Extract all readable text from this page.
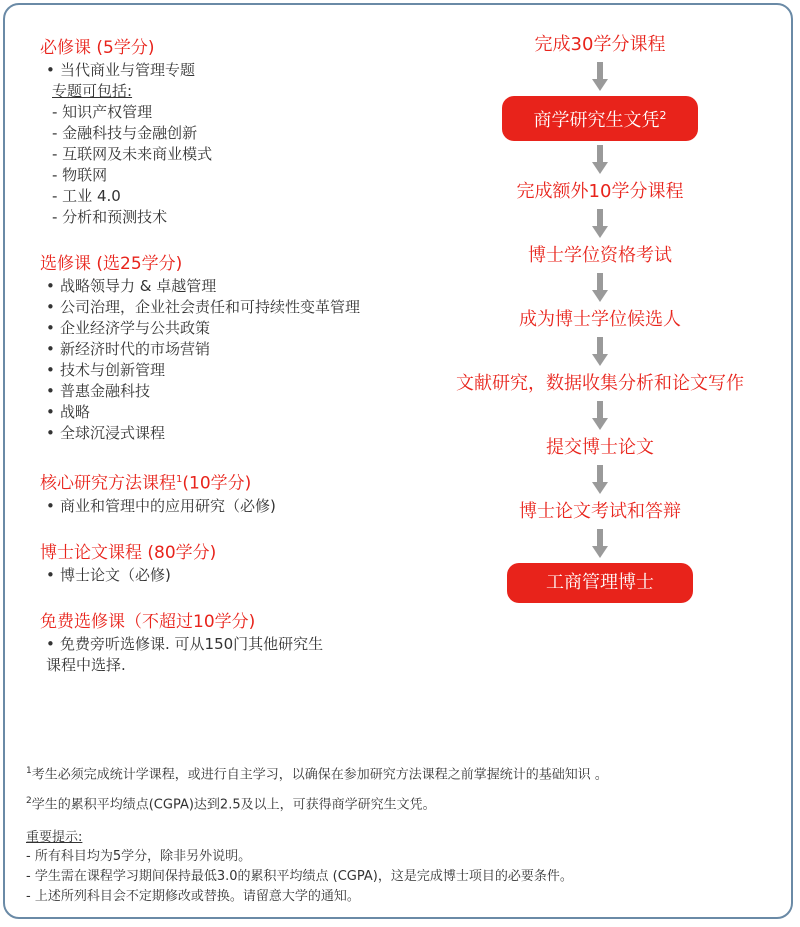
必修课 (5学分)
• 当代商业与管理专题
专题可包括:
- 知识产权管理
- 金融科技与金融创新
- 互联网及未来商业模式
- 物联网
- 工业 4.0
- 分析和预测技术
选修课 (选25学分)
• 战略领导力 & 卓越管理
• 公司治理，企业社会责任和可持续性变革管理
• 企业经济学与公共政策
• 新经济时代的市场营销
• 技术与创新管理
• 普惠金融科技
• 战略
• 全球沉浸式课程
核心研究方法课程$^1$(10学分)
• 商业和管理中的应用研究（必修)
博士论文课程 (80学分)
• 博士论文（必修)
免费选修课（不超过10学分)
• 免费旁听选修课. 可从150门其他研究生
课程中选择.
完成30学分课程
商学研究生文凭$^2$
完成额外10学分课程
博士学位资格考试
成为博士学位候选人
文献研究，数据收集分析和论文写作
提交博士论文
博士论文考试和答辩
工商管理博士
$^1$考生必须完成统计学课程，或进行自主学习，以确保在参加研究方法课程之前掌握统计的基础知识 。
$^2$学生的累积平均绩点(CGPA)达到2.5及以上，可获得商学研究生文凭。
重要提示:
- 所有科目均为5学分，除非另外说明。
- 学生需在课程学习期间保持最低3.0的累积平均绩点 (CGPA)，这是完成博士项目的必要条件。
- 上述所列科目会不定期修改或替换。请留意大学的通知。
